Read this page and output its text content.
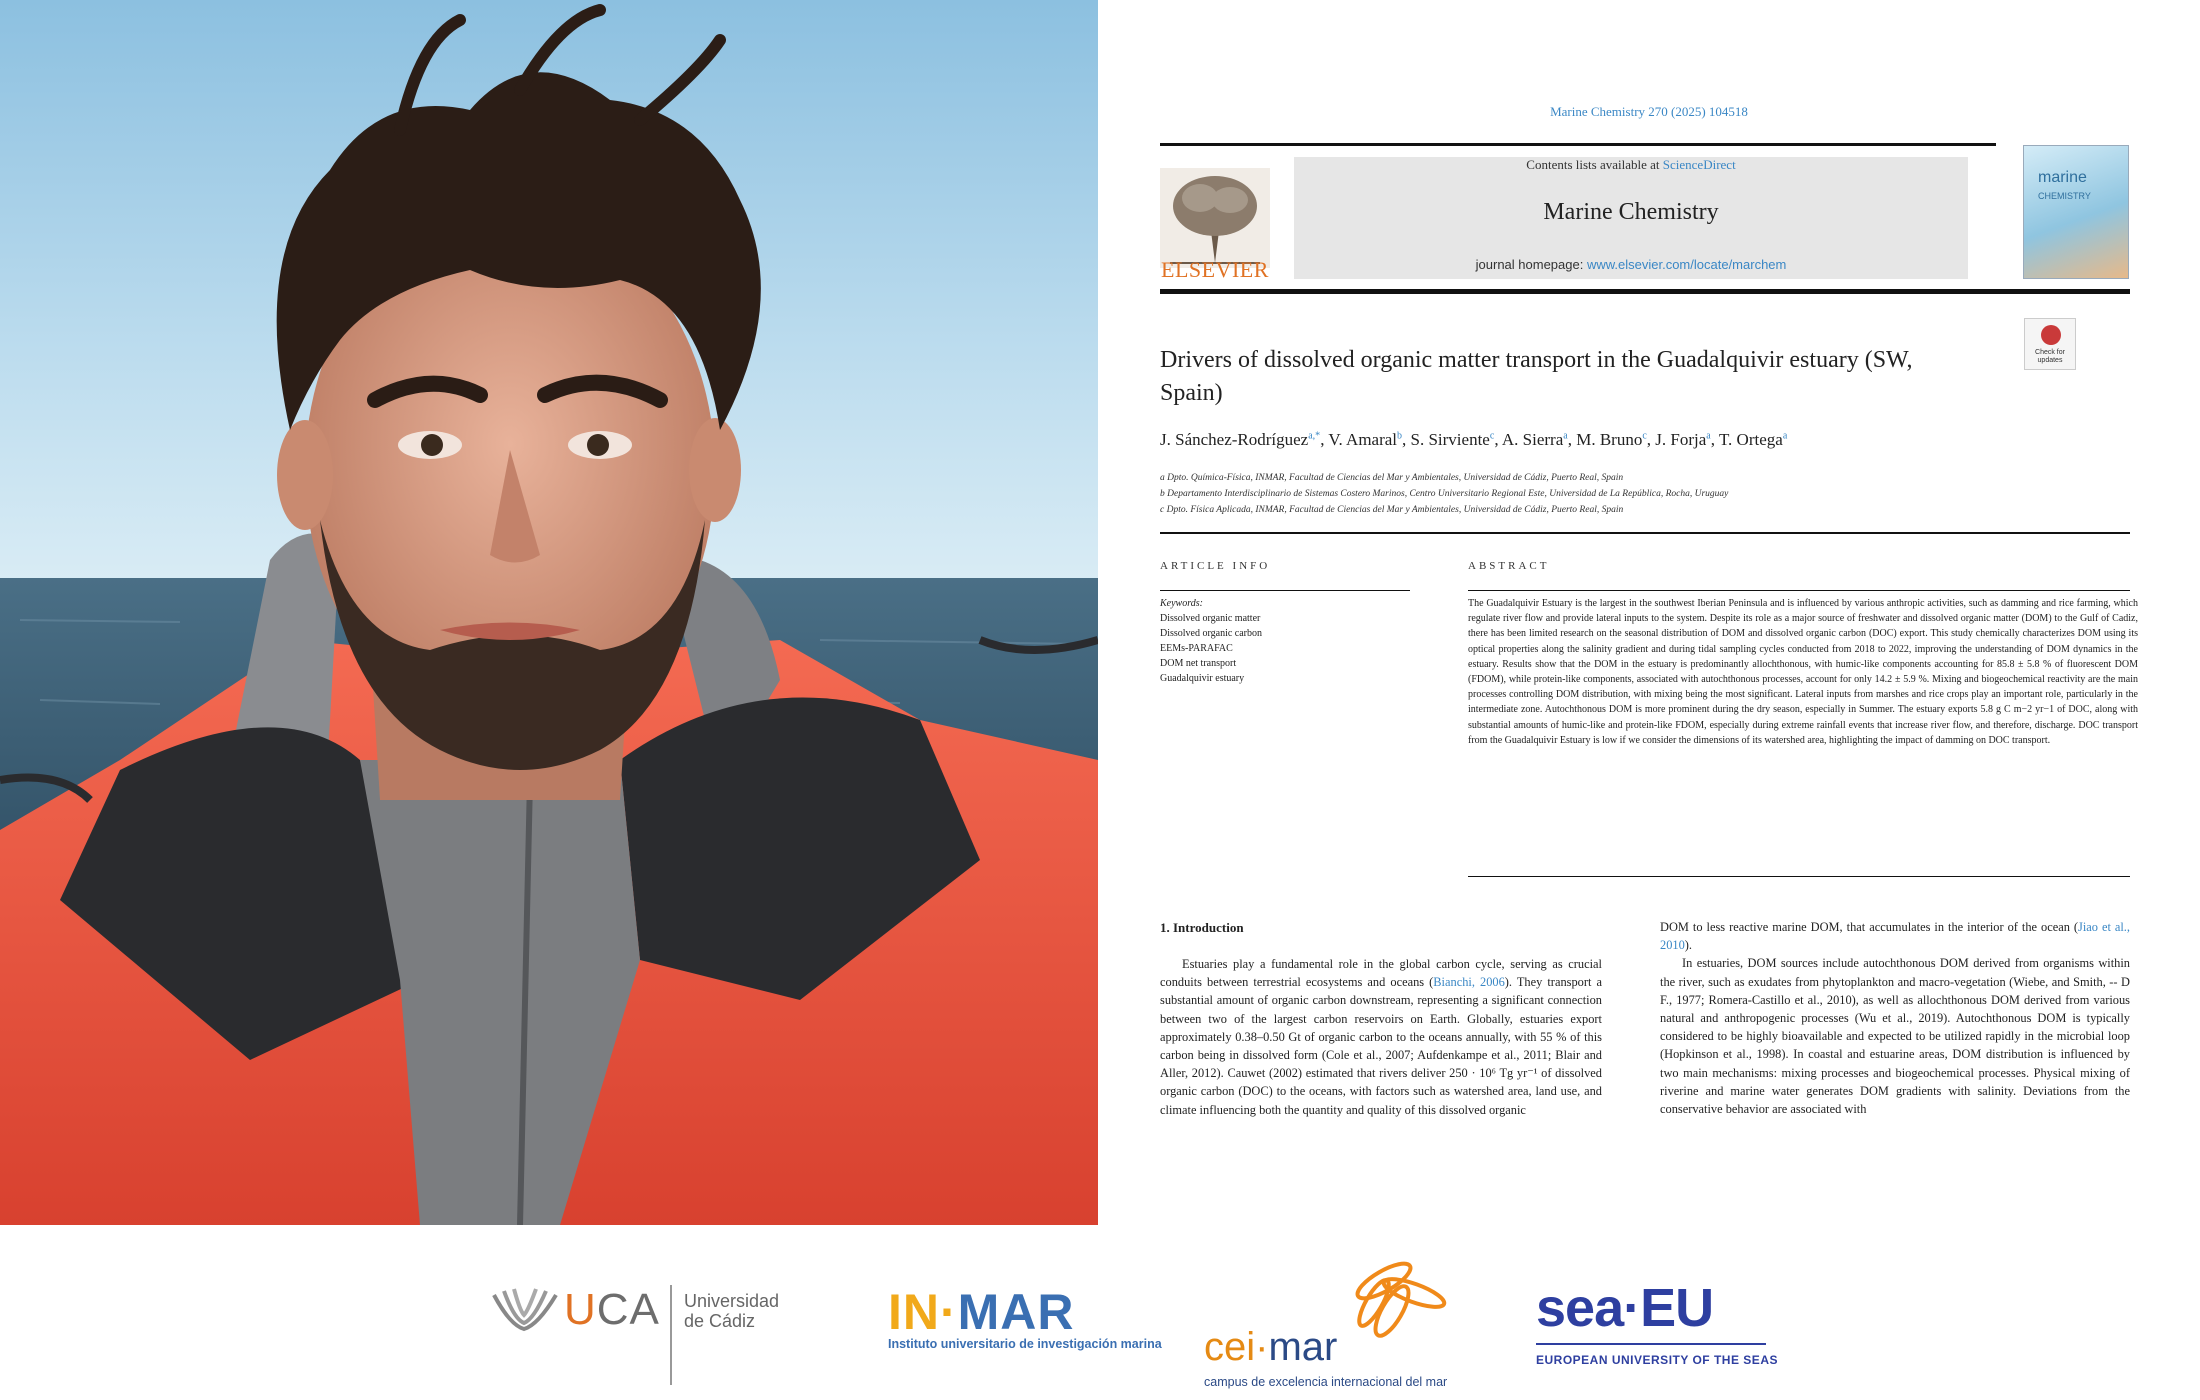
Marine Chemistry 270 (2025) 104518
ELSEVIER
Contents lists available at ScienceDirect
Marine Chemistry
journal homepage: www.elsevier.com/locate/marchem
marine
CHEMISTRY
Drivers of dissolved organic matter transport in the Guadalquivir estuary (SW, Spain)
Check for updates
J. Sánchez-Rodríguez$^{a,*}$, V. Amaral$^b$, S. Sirviente$^c$, A. Sierra$^a$, M. Bruno$^c$, J. Forja$^a$, T. Ortega$^a$
a Dpto. Química-Física, INMAR, Facultad de Ciencias del Mar y Ambientales, Universidad de Cádiz, Puerto Real, Spain
b Departamento Interdisciplinario de Sistemas Costero Marinos, Centro Universitario Regional Este, Universidad de La República, Rocha, Uruguay
c Dpto. Física Aplicada, INMAR, Facultad de Ciencias del Mar y Ambientales, Universidad de Cádiz, Puerto Real, Spain
ARTICLE INFO	ABSTRACT
Keywords:
Dissolved organic matter
Dissolved organic carbon
EEMs-PARAFAC
DOM net transport
Guadalquivir estuary
The Guadalquivir Estuary is the largest in the southwest Iberian Peninsula and is influenced by various anthropic activities, such as damming and rice farming, which regulate river flow and provide lateral inputs to the system. Despite its role as a major source of freshwater and dissolved organic matter (DOM) to the Gulf of Cadiz, there has been limited research on the seasonal distribution of DOM and dissolved organic carbon (DOC) export. This study chemically characterizes DOM using its optical properties along the salinity gradient and during tidal sampling cycles conducted from 2018 to 2022, improving the understanding of DOM dynamics in the estuary. Results show that the DOM in the estuary is predominantly allochthonous, with humic-like components accounting for 85.8 ± 5.8 % of fluorescent DOM (FDOM), while protein-like components, associated with autochthonous processes, account for only 14.2 ± 5.9 %. Mixing and biogeochemical reactivity are the main processes controlling DOM distribution, with mixing being the most significant. Lateral inputs from marshes and rice crops play an important role, particularly in the intermediate zone. Autochthonous DOM is more prominent during the dry season, especially in Summer. The estuary exports 5.8 g C m−2 yr−1 of DOC, along with substantial amounts of humic-like and protein-like FDOM, especially during extreme rainfall events that increase river flow, and therefore, discharge. DOC transport from the Guadalquivir Estuary is low if we consider the dimensions of its watershed area, highlighting the impact of damming on DOC transport.
1. Introduction

Estuaries play a fundamental role in the global carbon cycle, serving as crucial conduits between terrestrial ecosystems and oceans (Bianchi, 2006). They transport a substantial amount of organic carbon downstream, representing a significant connection between two of the largest carbon reservoirs on Earth. Globally, estuaries export approximately 0.38–0.50 Gt of organic carbon to the oceans annually, with 55 % of this carbon being in dissolved form (Cole et al., 2007; Aufdenkampe et al., 2011; Blair and Aller, 2012). Cauwet (2002) estimated that rivers deliver 250 · 10⁶ Tg yr⁻¹ of dissolved organic carbon (DOC) to the oceans, with factors such as watershed area, land use, and climate influencing both the quantity and quality of this dissolved organic

DOM to less reactive marine DOM, that accumulates in the interior of the ocean (Jiao et al., 2010).

In estuaries, DOM sources include autochthonous DOM derived from organisms within the river, such as exudates from phytoplankton and macro-vegetation (Wiebe, and Smith, -- D F., 1977; Romera-Castillo et al., 2010), as well as allochthonous DOM derived from various natural and anthropogenic processes (Wu et al., 2019). Autochthonous DOM is typically considered to be highly bioavailable and expected to be utilized rapidly in the microbial loop (Hopkinson et al., 1998). In coastal and estuarine areas, DOM distribution is influenced by two main mechanisms: mixing processes and biogeochemical processes. Physical mixing of riverine and marine water generates DOM gradients with salinity. Deviations from the conservative behavior are associated with

UCA Universidad
de Cádiz	IN·MAR
Instituto universitario de investigación marina cei·mar
campus de excelencia internacional del mar
sea·EU
EUROPEAN UNIVERSITY OF THE SEAS
